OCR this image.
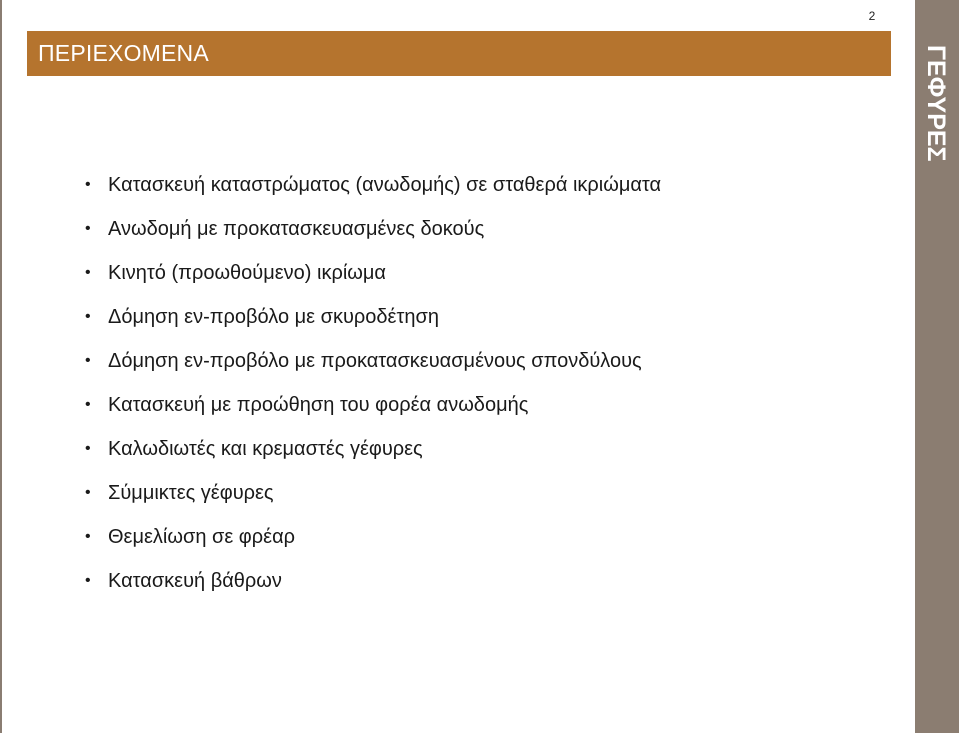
2
ΠΕΡΙΕΧΟΜΕΝΑ
• Κατασκευή καταστρώματος (ανωδομής) σε σταθερά ικριώματα
• Ανωδομή με προκατασκευασμένες δοκούς
• Κινητό (προωθούμενο) ικρίωμα
• Δόμηση εν-προβόλο με σκυροδέτηση
• Δόμηση εν-προβόλο με προκατασκευασμένους σπονδύλους
• Κατασκευή με προώθηση του φορέα ανωδομής
• Καλωδιωτές και κρεμαστές γέφυρες
• Σύμμικτες γέφυρες
• Θεμελίωση σε φρέαρ
• Κατασκευή βάθρων
ΓΕΦΥΡΕΣ
